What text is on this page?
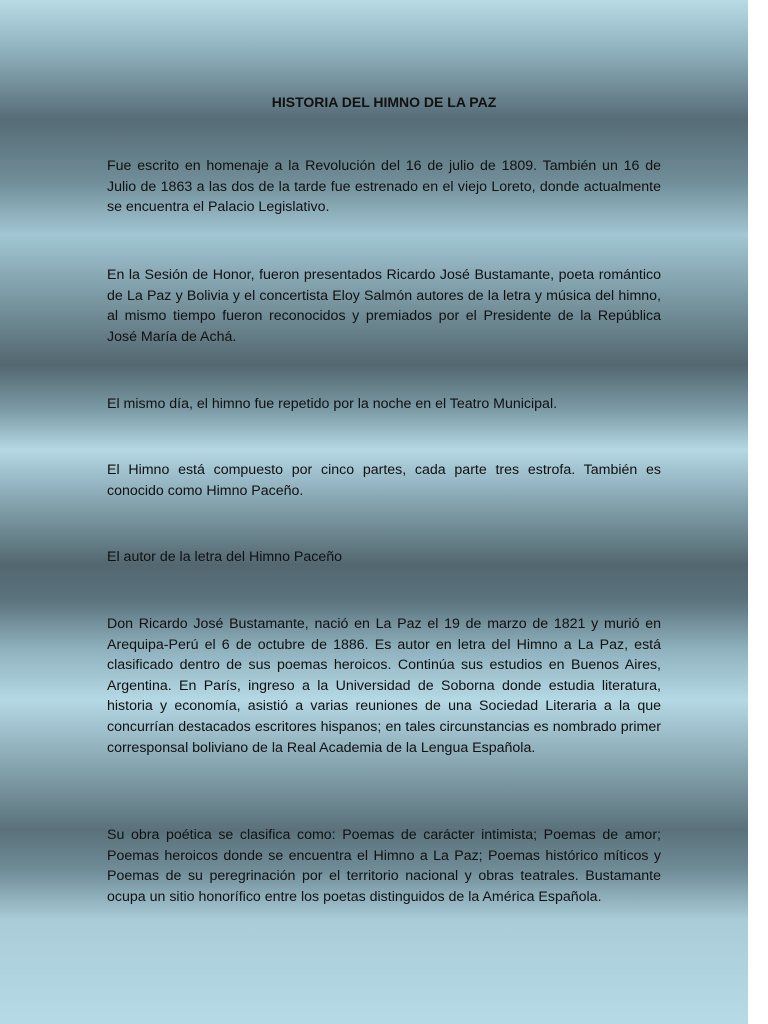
HISTORIA DEL HIMNO DE LA PAZ

Fue escrito en homenaje a la Revolución del 16 de julio de 1809. También un 16 de Julio de 1863 a las dos de la tarde fue estrenado en el viejo Loreto, donde actualmente se encuentra el Palacio Legislativo.

En la Sesión de Honor, fueron presentados Ricardo José Bustamante, poeta romántico de La Paz y Bolivia y el concertista Eloy Salmón autores de la letra y música del himno, al mismo tiempo fueron reconocidos y premiados por el Presidente de la República José María de Achá.

El mismo día, el himno fue repetido por la noche en el Teatro Municipal.

El Himno está compuesto por cinco partes, cada parte tres estrofa. También es conocido como Himno Paceño.

El autor de la letra del Himno Paceño

Don Ricardo José Bustamante, nació en La Paz el 19 de marzo de 1821 y murió en Arequipa-Perú el 6 de octubre de 1886. Es autor en letra del Himno a La Paz, está clasificado dentro de sus poemas heroicos. Continúa sus estudios en Buenos Aires, Argentina. En París, ingreso a la Universidad de Soborna donde estudia literatura, historia y economía, asistió a varias reuniones de una Sociedad Literaria a la que concurrían destacados escritores hispanos; en tales circunstancias es nombrado primer corresponsal boliviano de la Real Academia de la Lengua Española.

Su obra poética se clasifica como: Poemas de carácter intimista; Poemas de amor; Poemas heroicos donde se encuentra el Himno a La Paz; Poemas histórico míticos y Poemas de su peregrinación por el territorio nacional y obras teatrales. Bustamante ocupa un sitio honorífico entre los poetas distinguidos de la América Española.
